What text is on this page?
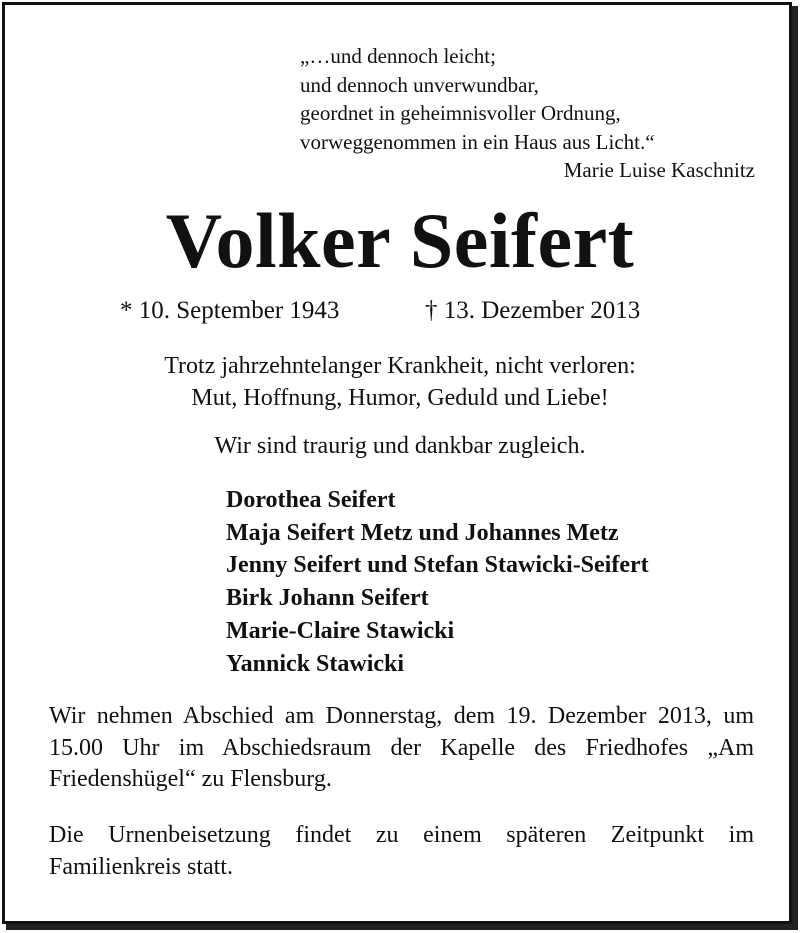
„…und dennoch leicht;
und dennoch unverwundbar,
geordnet in geheimnisvoller Ordnung,
vorweggenommen in ein Haus aus Licht.“
Marie Luise Kaschnitz
Volker Seifert
* 10. September 1943	† 13. Dezember 2013
Trotz jahrzehntelanger Krankheit, nicht verloren:
Mut, Hoffnung, Humor, Geduld und Liebe!
Wir sind traurig und dankbar zugleich.
Dorothea Seifert
Maja Seifert Metz und Johannes Metz
Jenny Seifert und Stefan Stawicki-Seifert
Birk Johann Seifert
Marie-Claire Stawicki
Yannick Stawicki
Wir nehmen Abschied am Donnerstag, dem 19. Dezember 2013, um 15.00 Uhr im Abschiedsraum der Kapelle des Friedhofes „Am Friedenshügel“ zu Flensburg.
Die Urnenbeisetzung findet zu einem späteren Zeitpunkt im Familienkreis statt.
